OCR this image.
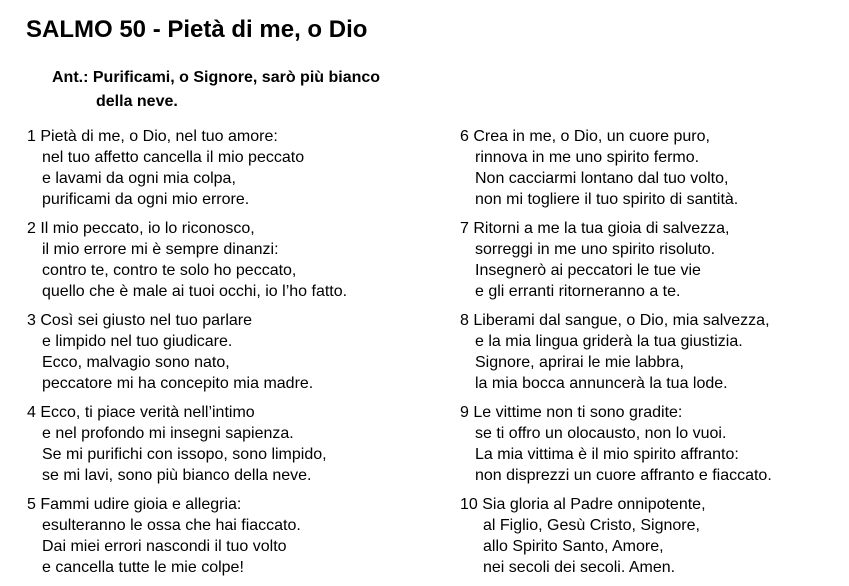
SALMO 50 - Pietà di me, o Dio
Ant.: Purificami, o Signore, sarò più bianco
della neve.
1 Pietà di me, o Dio, nel tuo amore:
nel tuo affetto cancella il mio peccato
e lavami da ogni mia colpa,
purificami da ogni mio errore.
2 Il mio peccato, io lo riconosco,
il mio errore mi è sempre dinanzi:
contro te, contro te solo ho peccato,
quello che è male ai tuoi occhi, io l’ho fatto.
3 Così sei giusto nel tuo parlare
e limpido nel tuo giudicare.
Ecco, malvagio sono nato,
peccatore mi ha concepito mia madre.
4 Ecco, ti piace verità nell’intimo
e nel profondo mi insegni sapienza.
Se mi purifichi con issopo, sono limpido,
se mi lavi, sono più bianco della neve.
5 Fammi udire gioia e allegria:
esulteranno le ossa che hai fiaccato.
Dai miei errori nascondi il tuo volto
e cancella tutte le mie colpe!
6 Crea in me, o Dio, un cuore puro,
rinnova in me uno spirito fermo.
Non cacciarmi lontano dal tuo volto,
non mi togliere il tuo spirito di santità.
7 Ritorni a me la tua gioia di salvezza,
sorreggi in me uno spirito risoluto.
Insegnerò ai peccatori le tue vie
e gli erranti ritorneranno a te.
8 Liberami dal sangue, o Dio, mia salvezza,
e la mia lingua griderà la tua giustizia.
Signore, aprirai le mie labbra,
la mia bocca annuncerà la tua lode.
9 Le vittime non ti sono gradite:
se ti offro un olocausto, non lo vuoi.
La mia vittima è il mio spirito affranto:
non disprezzi un cuore affranto e fiaccato.
10 Sia gloria al Padre onnipotente,
al Figlio, Gesù Cristo, Signore,
allo Spirito Santo, Amore,
nei secoli dei secoli. Amen.
